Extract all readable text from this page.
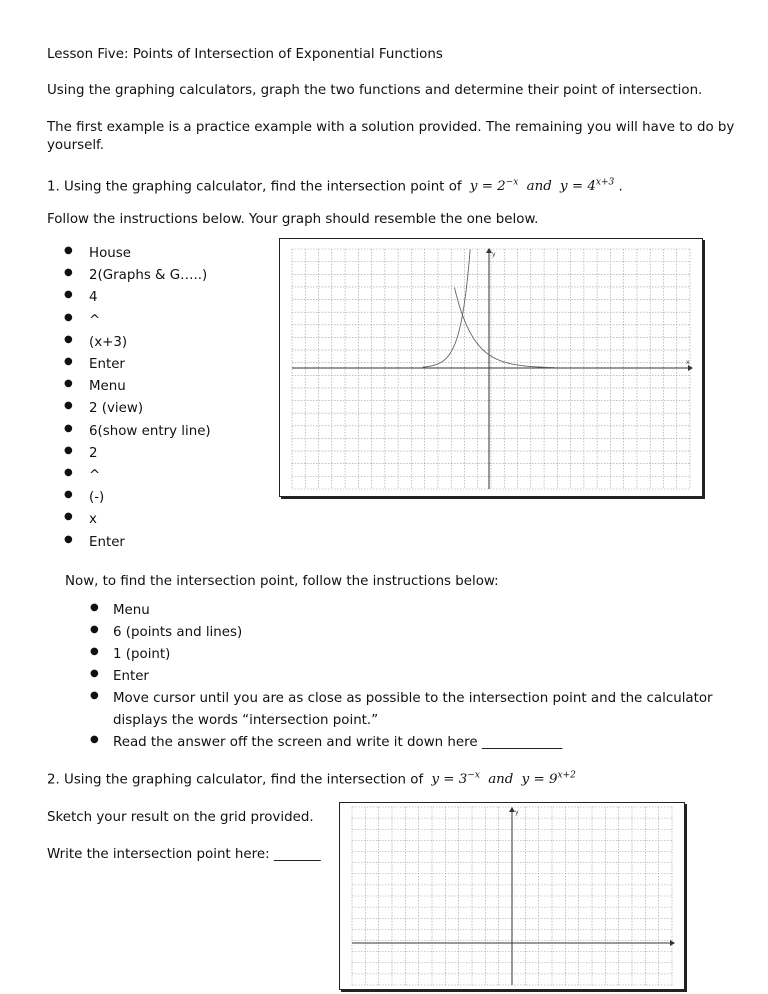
Lesson Five: Points of Intersection of Exponential Functions
Using the graphing calculators, graph the two functions and determine their point of intersection.
The first example is a practice example with a solution provided. The remaining you will have to do by
yourself.
1. Using the graphing calculator, find the intersection point of $y = 2^{-x}$ and $y = 4^{x+3}$ .
Follow the instructions below. Your graph should resemble the one below.
● House
● 2(Graphs & G…..)
● 4
● ^
● (x+3)
● Enter
● Menu
● 2 (view)
● 6(show entry line)
● 2
● ^
● (-)
● x
● Enter
x
y
Now, to find the intersection point, follow the instructions below:
● Menu
● 6 (points and lines)
● 1 (point)
● Enter
● Move cursor until you are as close as possible to the intersection point and the calculator
displays the words “intersection point.”
● Read the answer off the screen and write it down here ____________
2. Using the graphing calculator, find the intersection of $y = 3^{-x}$ and $y = 9^{x+2}$
Sketch your result on the grid provided.
Write the intersection point here: _______
y
